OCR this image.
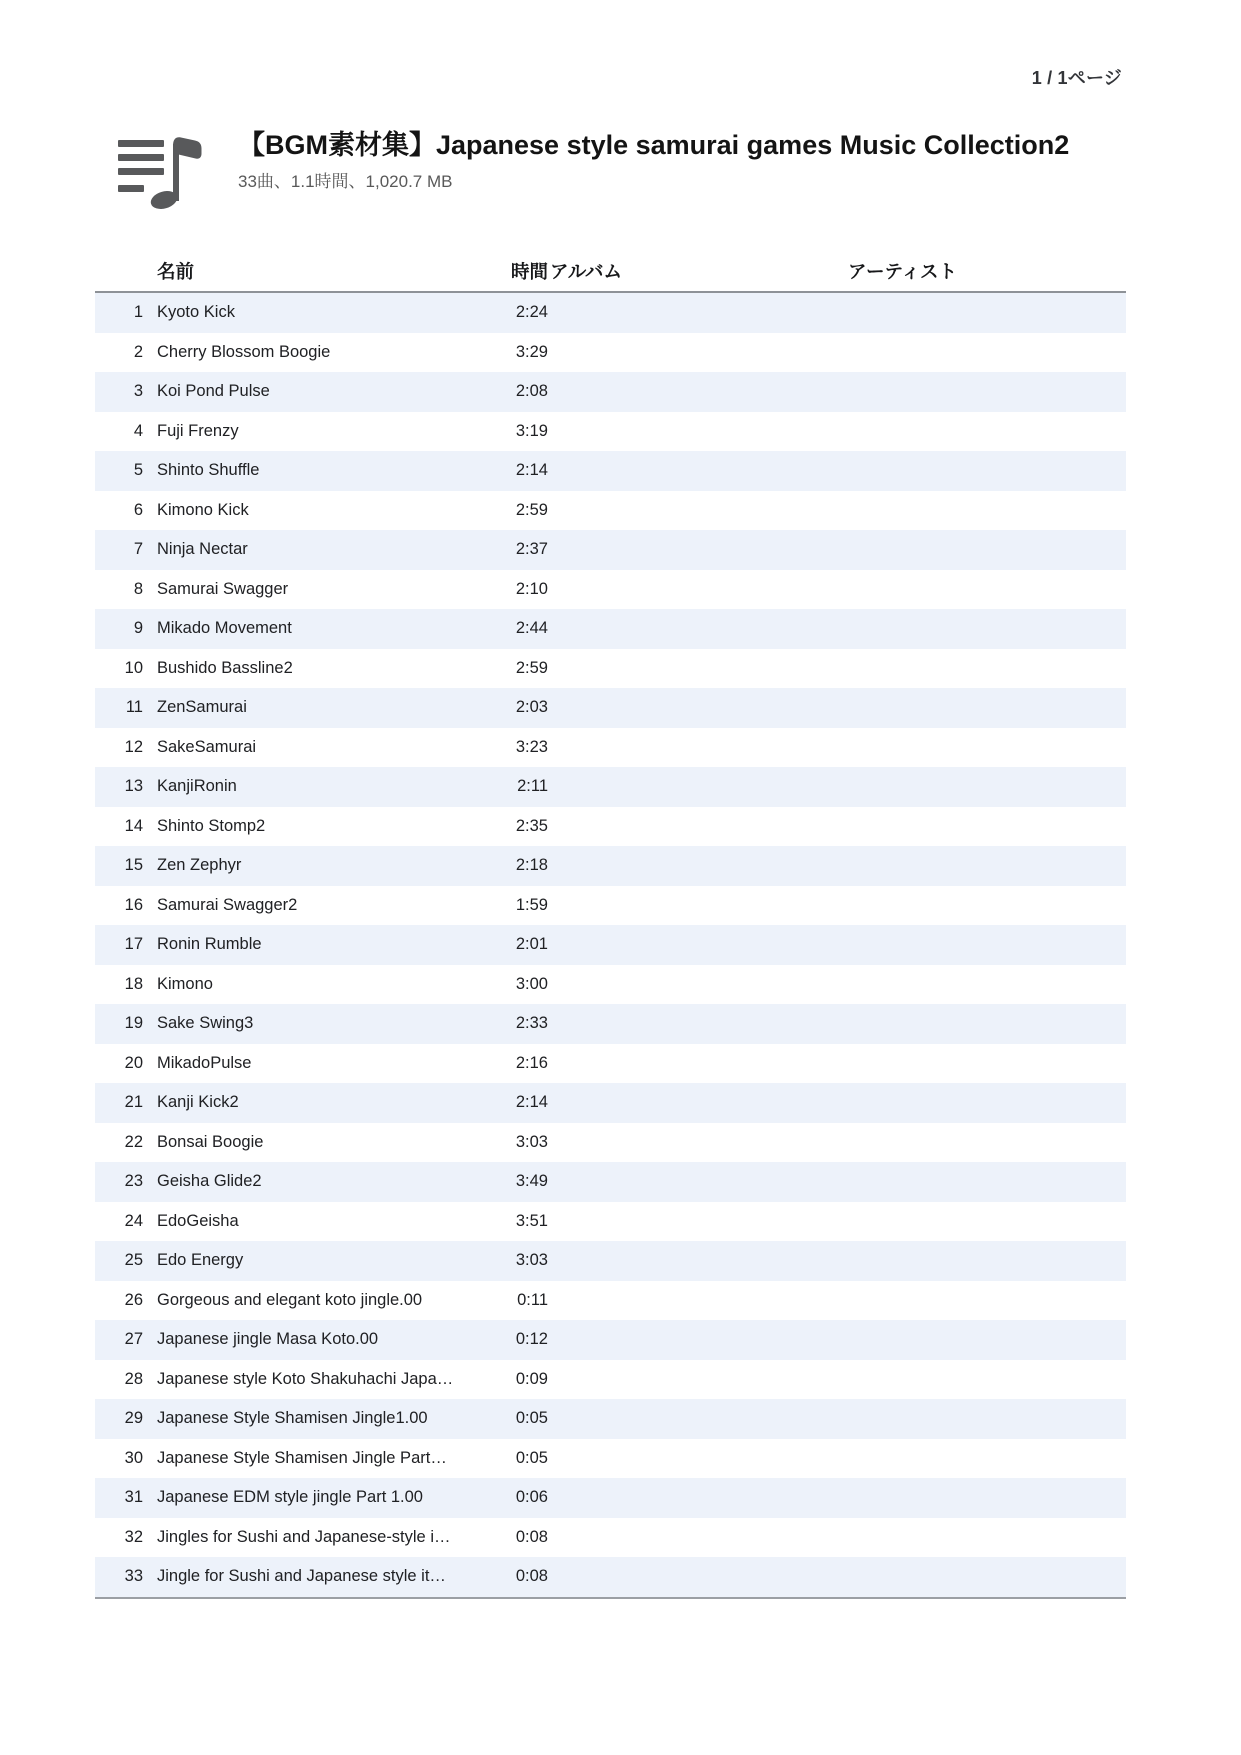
1 / 1ページ
【BGM素材集】Japanese style samurai games Music Collection2
33曲、1.1時間、1,020.7 MB
名前	時間 アルバム	アーティスト
1 Kyoto Kick	2:24
2 Cherry Blossom Boogie	3:29
3 Koi Pond Pulse	2:08
4 Fuji Frenzy	3:19
5 Shinto Shuffle	2:14
6 Kimono Kick	2:59
7 Ninja Nectar	2:37
8 Samurai Swagger	2:10
9 Mikado Movement	2:44
10 Bushido Bassline2	2:59
11 ZenSamurai	2:03
12 SakeSamurai	3:23
13 KanjiRonin	2:11
14 Shinto Stomp2	2:35
15 Zen Zephyr	2:18
16 Samurai Swagger2	1:59
17 Ronin Rumble	2:01
18 Kimono	3:00
19 Sake Swing3	2:33
20 MikadoPulse	2:16
21 Kanji Kick2	2:14
22 Bonsai Boogie	3:03
23 Geisha Glide2	3:49
24 EdoGeisha	3:51
25 Edo Energy	3:03
26 Gorgeous and elegant koto jingle.00	0:11
27 Japanese jingle Masa Koto.00	0:12
28 Japanese style Koto Shakuhachi Japa…	0:09
29 Japanese Style Shamisen Jingle1.00	0:05
30 Japanese Style Shamisen Jingle Part…	0:05
31 Japanese EDM style jingle Part 1.00	0:06
32 Jingles for Sushi and Japanese-style i…	0:08
33 Jingle for Sushi and Japanese style it…	0:08
